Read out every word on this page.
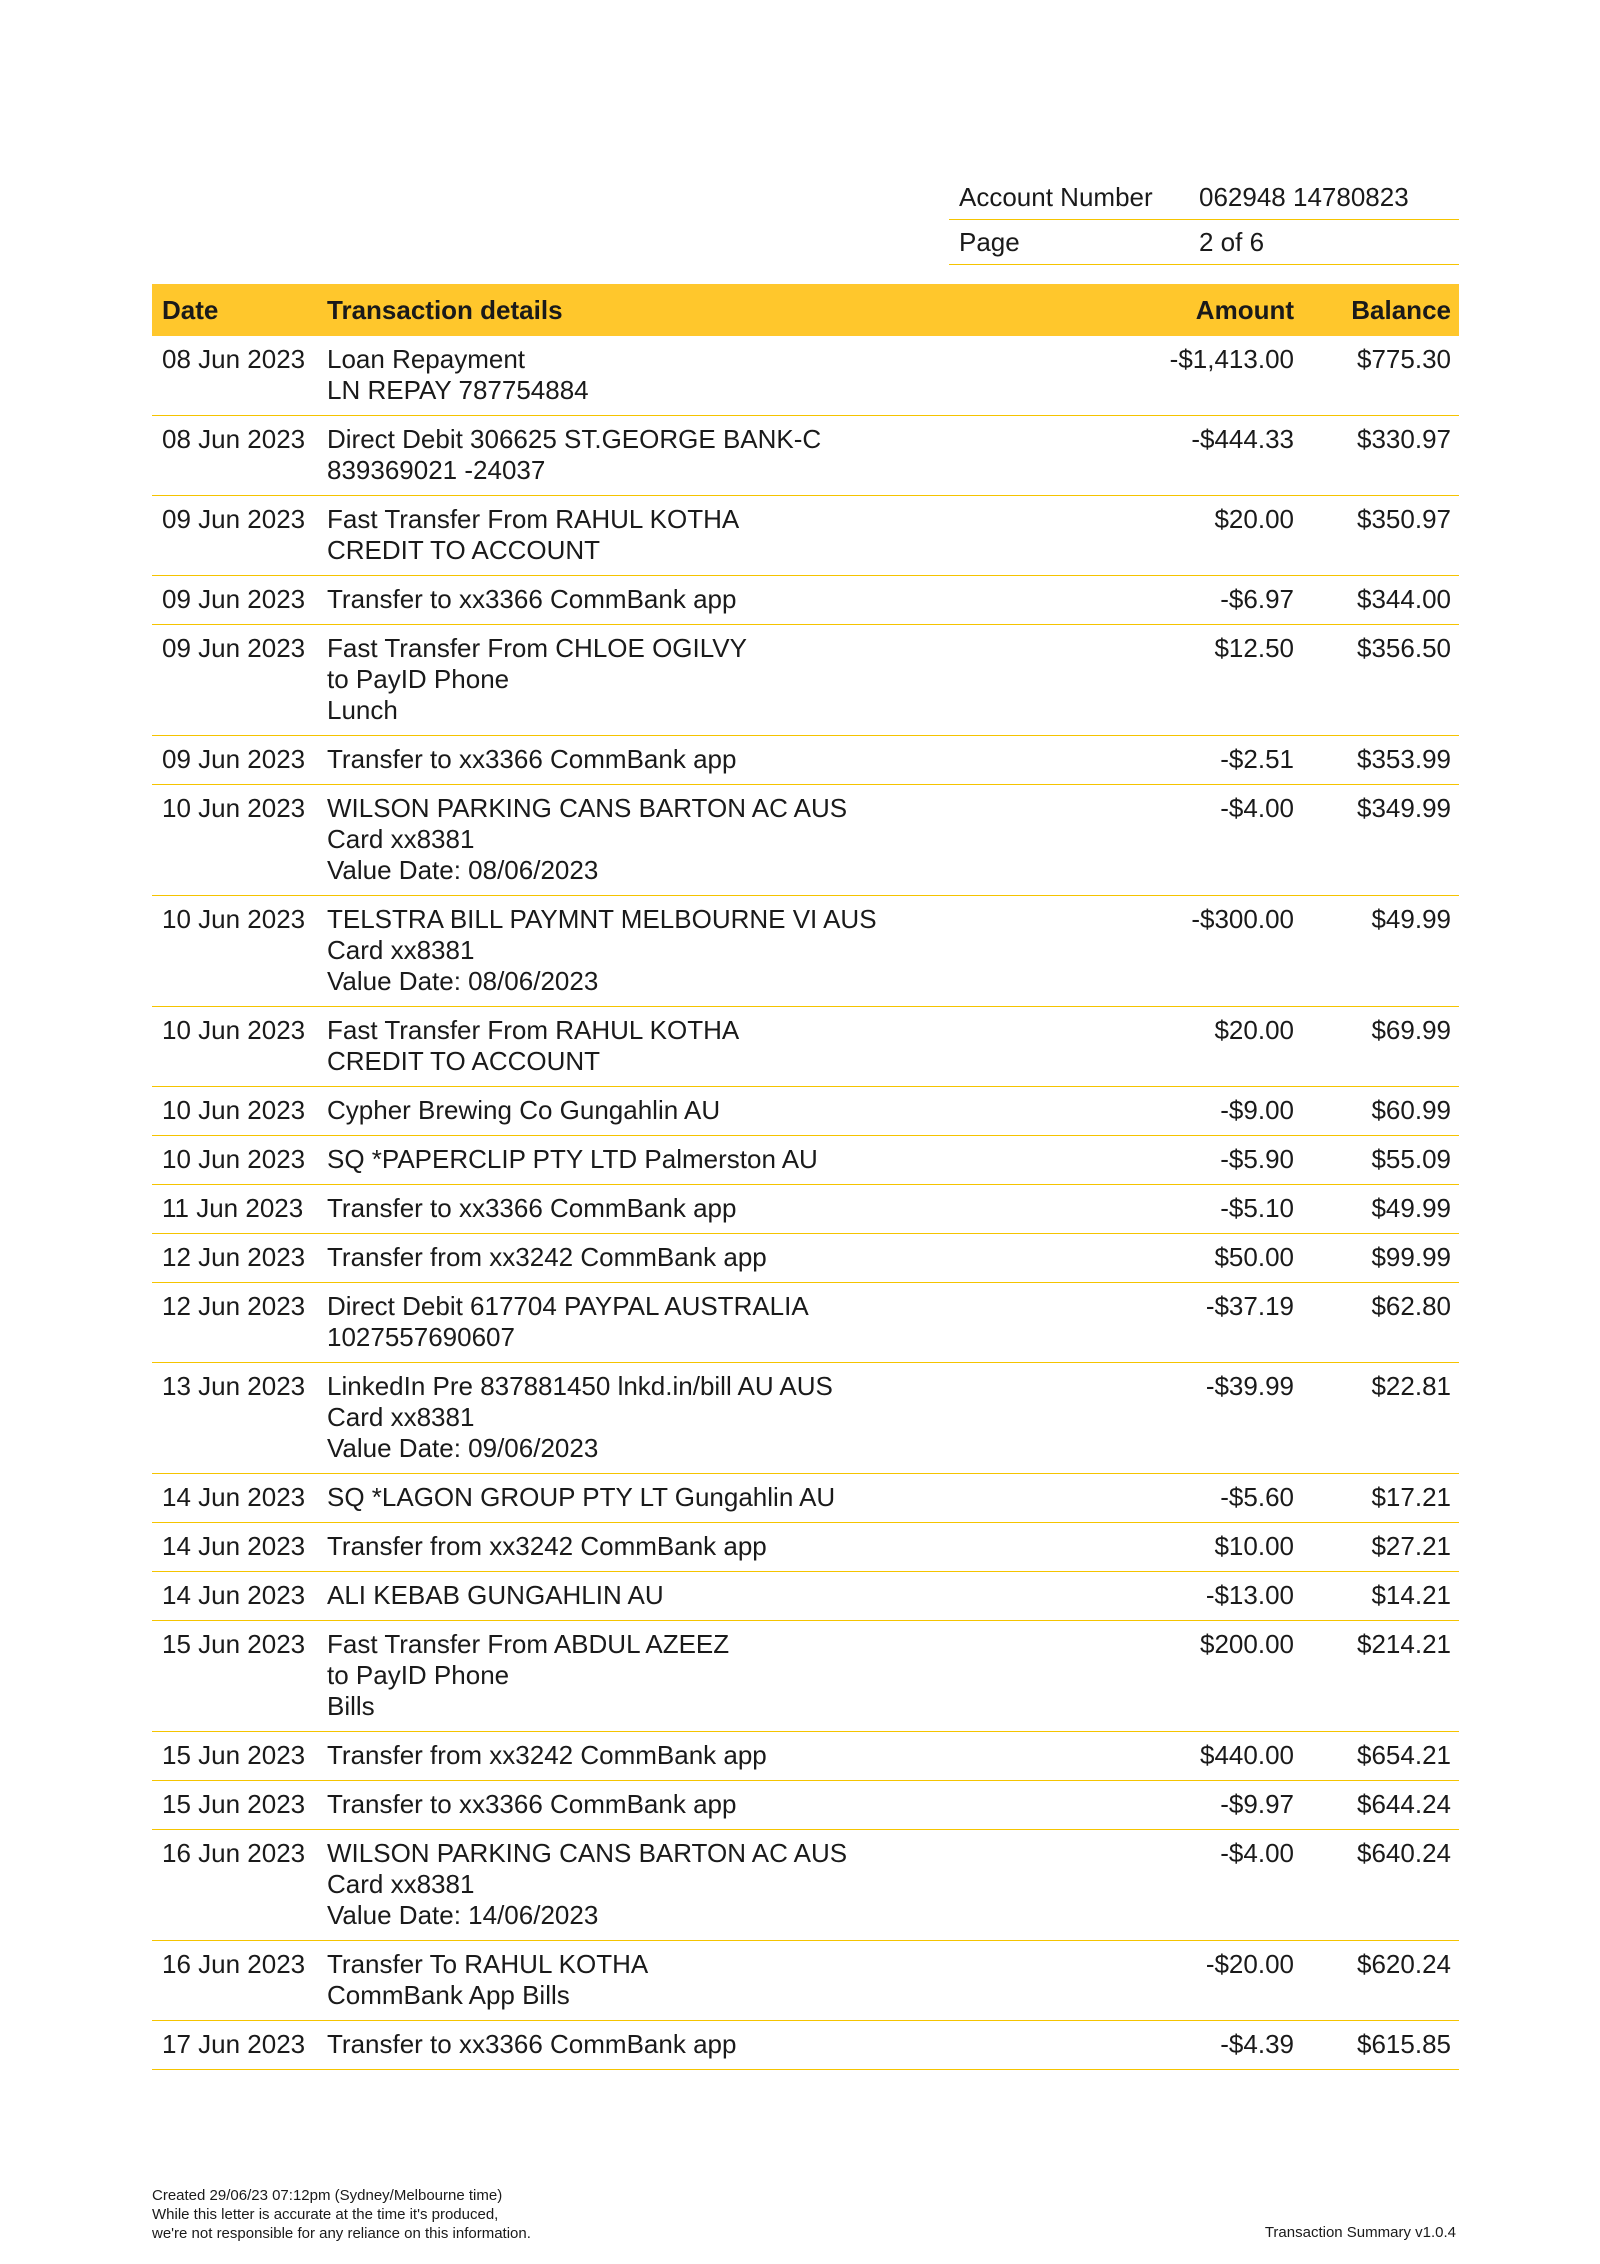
Account Number	062948 14780823
Page	2 of 6
Date	Transaction details	Amount	Balance
08 Jun 2023 Loan Repayment
LN REPAY 787754884
-$1,413.00	$775.30
08 Jun 2023 Direct Debit 306625 ST.GEORGE BANK-C
839369021 -24037
-$444.33	$330.97
09 Jun 2023 Fast Transfer From RAHUL KOTHA
CREDIT TO ACCOUNT
$20.00	$350.97
09 Jun 2023 Transfer to xx3366 CommBank app	-$6.97	$344.00
09 Jun 2023 Fast Transfer From CHLOE OGILVY
to PayID Phone
Lunch
$12.50	$356.50
09 Jun 2023 Transfer to xx3366 CommBank app	-$2.51	$353.99
10 Jun 2023 WILSON PARKING CANS BARTON AC AUS
Card xx8381
Value Date: 08/06/2023
-$4.00	$349.99
10 Jun 2023 TELSTRA BILL PAYMNT MELBOURNE VI AUS
Card xx8381
Value Date: 08/06/2023
-$300.00	$49.99
10 Jun 2023 Fast Transfer From RAHUL KOTHA
CREDIT TO ACCOUNT
$20.00	$69.99
10 Jun 2023 Cypher Brewing Co Gungahlin AU	-$9.00	$60.99
10 Jun 2023 SQ *PAPERCLIP PTY LTD Palmerston AU	-$5.90	$55.09
11 Jun 2023 Transfer to xx3366 CommBank app	-$5.10	$49.99
12 Jun 2023 Transfer from xx3242 CommBank app	$50.00	$99.99
12 Jun 2023 Direct Debit 617704 PAYPAL AUSTRALIA
1027557690607
-$37.19	$62.80
13 Jun 2023 LinkedIn Pre 837881450 lnkd.in/bill AU AUS
Card xx8381
Value Date: 09/06/2023
-$39.99	$22.81
14 Jun 2023 SQ *LAGON GROUP PTY LT Gungahlin AU	-$5.60	$17.21
14 Jun 2023 Transfer from xx3242 CommBank app	$10.00	$27.21
14 Jun 2023 ALI KEBAB GUNGAHLIN AU	-$13.00	$14.21
15 Jun 2023 Fast Transfer From ABDUL AZEEZ
to PayID Phone
Bills
$200.00	$214.21
15 Jun 2023 Transfer from xx3242 CommBank app	$440.00	$654.21
15 Jun 2023 Transfer to xx3366 CommBank app	-$9.97	$644.24
16 Jun 2023 WILSON PARKING CANS BARTON AC AUS
Card xx8381
Value Date: 14/06/2023
-$4.00	$640.24
16 Jun 2023 Transfer To RAHUL KOTHA
CommBank App Bills
-$20.00	$620.24
17 Jun 2023 Transfer to xx3366 CommBank app	-$4.39	$615.85
Created 29/06/23 07:12pm (Sydney/Melbourne time)
While this letter is accurate at the time it's produced,
we're not responsible for any reliance on this information.	Transaction Summary v1.0.4
